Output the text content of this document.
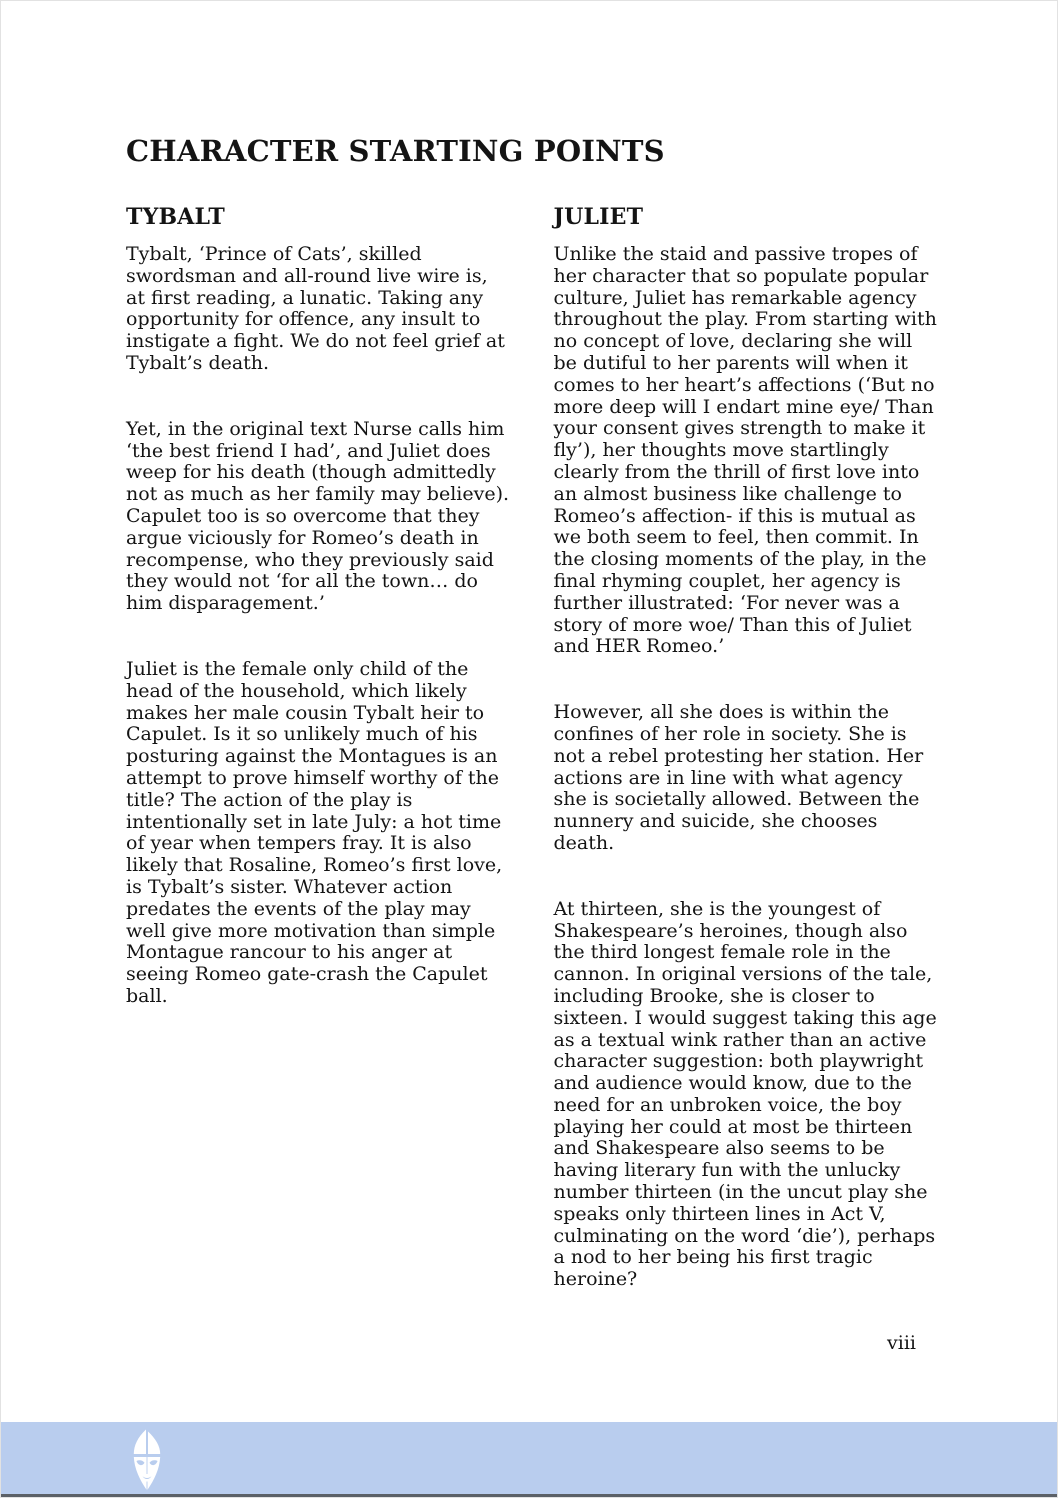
CHARACTER STARTING POINTS
TYBALT

Tybalt, ‘Prince of Cats’, skilled swordsman and all-round live wire is, at first reading, a lunatic. Taking any opportunity for offence, any insult to instigate a fight. We do not feel grief at Tybalt’s death.

Yet, in the original text Nurse calls him ‘the best friend I had’, and Juliet does weep for his death (though admittedly not as much as her family may believe). Capulet too is so overcome that they argue viciously for Romeo’s death in recompense, who they previously said they would not ‘for all the town… do him disparagement.’

Juliet is the female only child of the head of the household, which likely makes her male cousin Tybalt heir to Capulet. Is it so unlikely much of his posturing against the Montagues is an attempt to prove himself worthy of the title? The action of the play is intentionally set in late July: a hot time of year when tempers fray. It is also likely that Rosaline, Romeo’s first love, is Tybalt’s sister. Whatever action predates the events of the play may well give more motivation than simple Montague rancour to his anger at seeing Romeo gate-crash the Capulet ball.

JULIET

Unlike the staid and passive tropes of her character that so populate popular culture, Juliet has remarkable agency throughout the play. From starting with no concept of love, declaring she will be dutiful to her parents will when it comes to her heart’s affections (‘But no more deep will I endart mine eye/ Than your consent gives strength to make it fly’), her thoughts move startlingly clearly from the thrill of first love into an almost business like challenge to Romeo’s affection- if this is mutual as we both seem to feel, then commit. In the closing moments of the play, in the final rhyming couplet, her agency is further illustrated: ‘For never was a story of more woe/ Than this of Juliet and HER Romeo.’

However, all she does is within the confines of her role in society. She is not a rebel protesting her station. Her actions are in line with what agency she is societally allowed. Between the nunnery and suicide, she chooses death.

At thirteen, she is the youngest of Shakespeare’s heroines, though also the third longest female role in the cannon. In original versions of the tale, including Brooke, she is closer to sixteen. I would suggest taking this age as a textual wink rather than an active character suggestion: both playwright and audience would know, due to the need for an unbroken voice, the boy playing her could at most be thirteen and Shakespeare also seems to be having literary fun with the unlucky number thirteen (in the uncut play she speaks only thirteen lines in Act V, culminating on the word ‘die’), perhaps a nod to her being his first tragic heroine?

viii
